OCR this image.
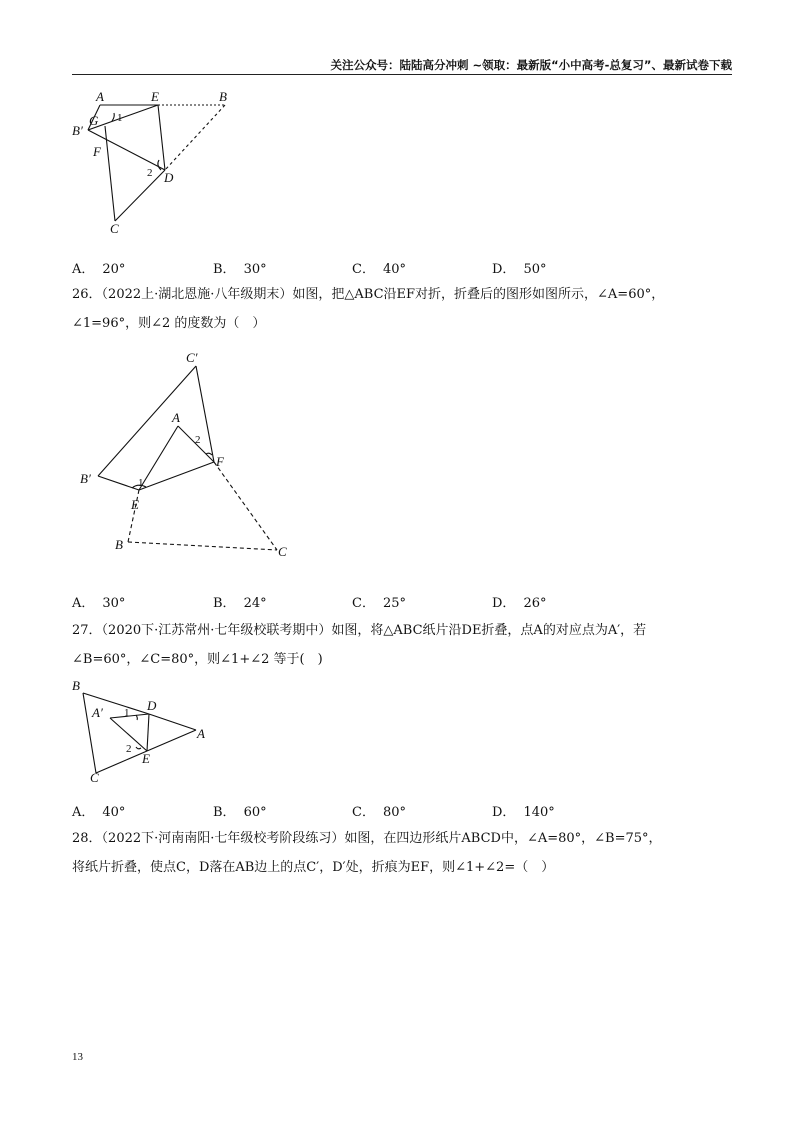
关注公众号：陆陆高分冲刺 ~领取：最新版“小中高考-总复习”、最新试卷下载
A	E	B
B′
G
F
D
C
1
2
A． 20°	B． 30°	C． 40°	D． 50°
26．（2022上·湖北恩施·八年级期末）如图，把△ABC沿EF对折，折叠后的图形如图所示，∠A=60°，
∠1=96°，则∠2 的度数为（　）
C′
A
2
F
B′	1
E
B	C
A． 30°	B． 24°	C． 25°	D． 26°
27．（2020下·江苏常州·七年级校联考期中）如图，将△ABC纸片沿DE折叠，点A的对应点为A′，若
∠B=60°，∠C=80°，则∠1+∠2 等于(　)
B
A′ 1 D
A
2
E
C
A． 40°	B． 60°	C． 80°	D． 140°
28．（2022下·河南南阳·七年级校考阶段练习）如图，在四边形纸片ABCD中，∠A=80°，∠B=75°，
将纸片折叠，使点C，D落在AB边上的点C′，D′处，折痕为EF，则∠1+∠2=（　）
13
